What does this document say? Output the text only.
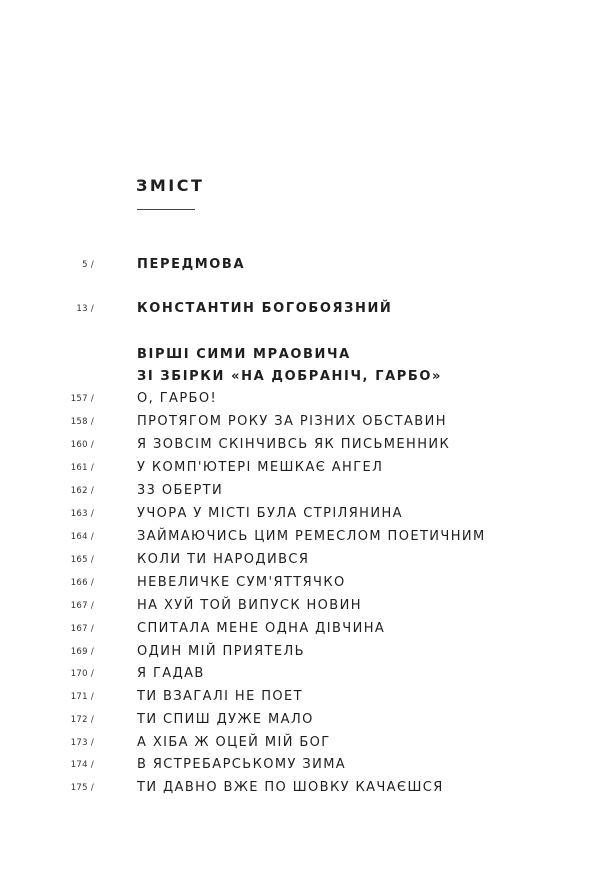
ЗМІСТ
5 /	ПЕРЕДМОВА
13 /	КОНСТАНТИН БОГОБОЯЗНИЙ
ВІРШІ СИМИ МРАОВИЧА
ЗІ ЗБІРКИ «НА ДОБРАНІЧ, ГАРБО»
157 /	О, ГАРБО!
158 /	ПРОТЯГОМ РОКУ ЗА РІЗНИХ ОБСТАВИН
160 /	Я ЗОВСІМ СКІНЧИВСЬ ЯК ПИСЬМЕННИК
161 /	У КОМП'ЮТЕРІ МЕШКАЄ АНГЕЛ
162 /	33 ОБЕРТИ
163 /	УЧОРА У МІСТІ БУЛА СТРІЛЯНИНА
164 /	ЗАЙМАЮЧИСЬ ЦИМ РЕМЕСЛОМ ПОЕТИЧНИМ
165 /	КОЛИ ТИ НАРОДИВСЯ
166 /	НЕВЕЛИЧКЕ СУМ'ЯТТЯЧКО
167 /	НА ХУЙ ТОЙ ВИПУСК НОВИН
167 /	СПИТАЛА МЕНЕ ОДНА ДІВЧИНА
169 /	ОДИН МІЙ ПРИЯТЕЛЬ
170 /	Я ГАДАВ
171 /	ТИ ВЗАГАЛІ НЕ ПОЕТ
172 /	ТИ СПИШ ДУЖЕ МАЛО
173 /	А ХІБА Ж ОЦЕЙ МІЙ БОГ
174 /	В ЯСТРЕБАРСЬКОМУ ЗИМА
175 /	ТИ ДАВНО ВЖЕ ПО ШОВКУ КАЧАЄШСЯ
